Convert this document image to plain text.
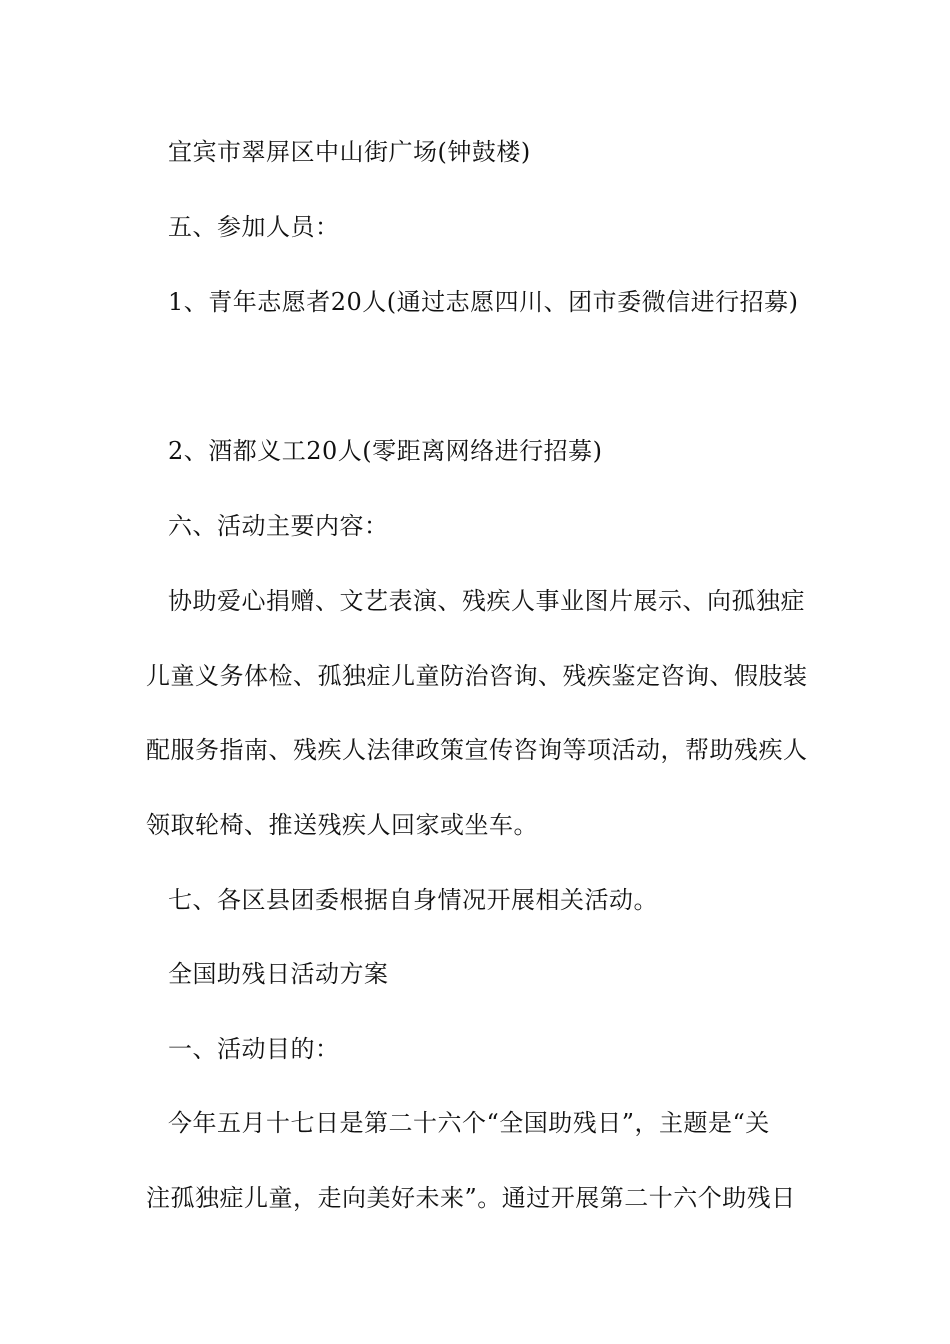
宜宾市翠屏区中山街广场(钟鼓楼)
五、参加人员：
1、青年志愿者20人(通过志愿四川、团市委微信进行招募)
2、酒都义工20人(零距离网络进行招募)
六、活动主要内容：
协助爱心捐赠、文艺表演、残疾人事业图片展示、向孤独症
儿童义务体检、孤独症儿童防治咨询、残疾鉴定咨询、假肢装
配服务指南、残疾人法律政策宣传咨询等项活动，帮助残疾人
领取轮椅、推送残疾人回家或坐车。
七、各区县团委根据自身情况开展相关活动。
全国助残日活动方案
一、活动目的：
今年五月十七日是第二十六个“全国助残日”，主题是“关
注孤独症儿童，走向美好未来”。通过开展第二十六个助残日
